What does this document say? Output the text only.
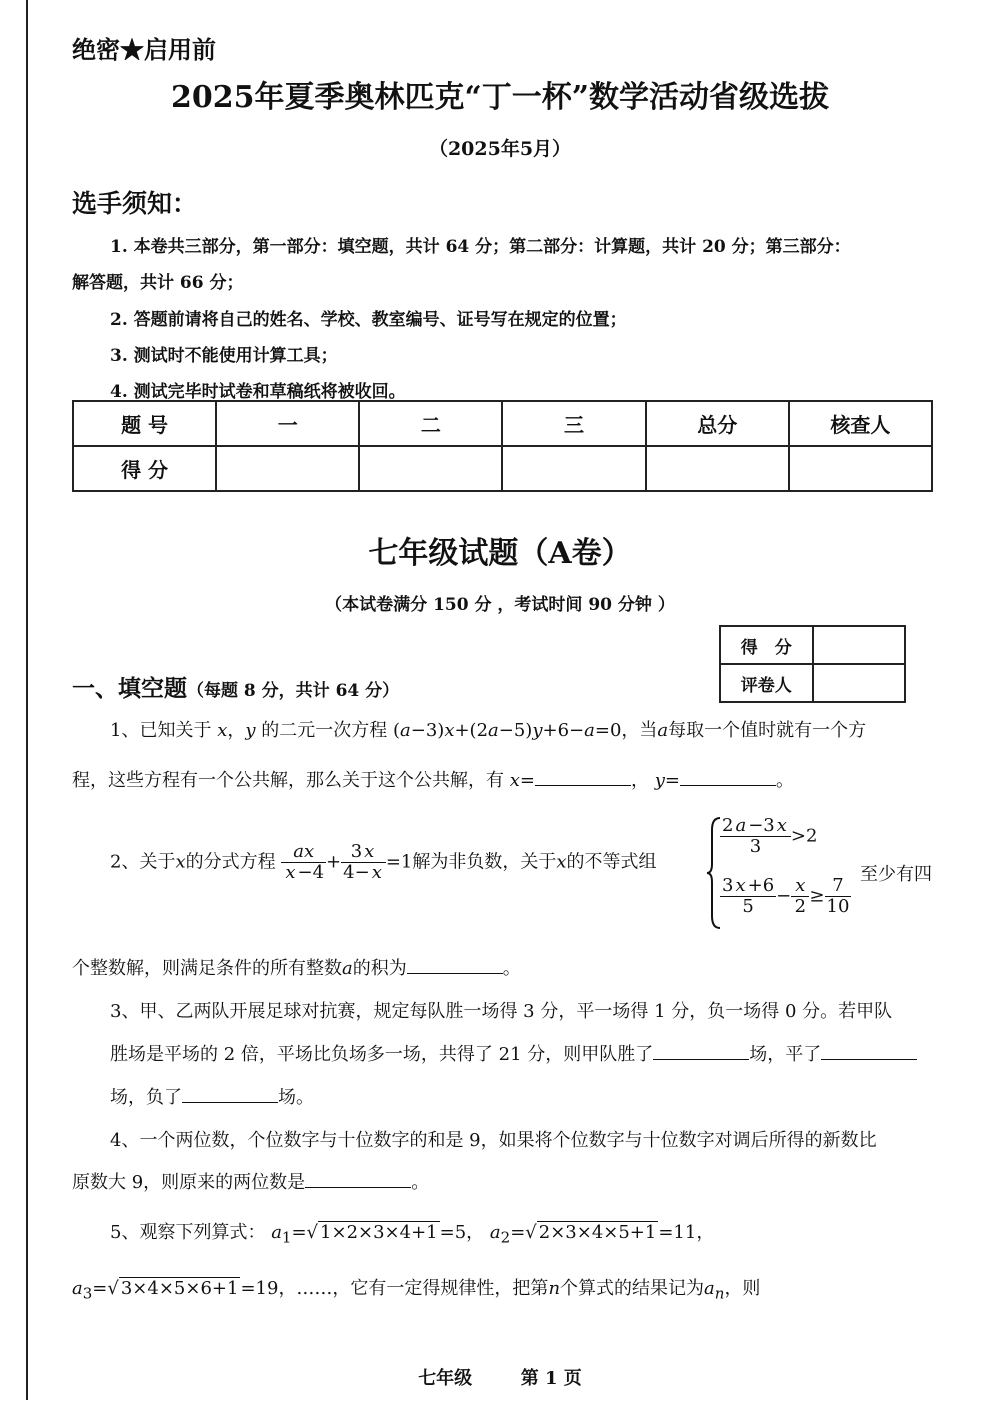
绝密★启用前
2025年夏季奥林匹克“丁一杯”数学活动省级选拔
（2025年5月）
选手须知：
1. 本卷共三部分，第一部分：填空题，共计 64 分；第二部分：计算题，共计 20 分；第三部分：
解答题，共计 66 分；
2. 答题前请将自己的姓名、学校、教室编号、证号写在规定的位置；
3. 测试时不能使用计算工具；
4. 测试完毕时试卷和草稿纸将被收回。
题 号	一	二	三	总分	核查人
得 分					
七年级试题（A卷）
（本试卷满分 150 分 ，考试时间 90 分钟 ）
得　分	
评卷人	
一、填空题（每题 8 分，共计 64 分）
1、已知关于 x，y 的二元一次方程 (a−3)x+(2a−5)y+6−a=0，当a每取一个值时就有一个方
程，这些方程有一个公共解，那么关于这个公共解，有 x=	， y=	。
2、关于x的分式方程 $\frac{ax}{x -4} + \frac{3 x}{4- x} =1$解为非负数，关于x的不等式组
$\frac{2 a -3 x}{3} >2$
$\frac{3 x +6}{5} - \frac{x}{2} \ge \frac{7}{10}$
至少有四
个整数解，则满足条件的所有整数a的积为	。
3、甲、乙两队开展足球对抗赛，规定每队胜一场得 3 分，平一场得 1 分，负一场得 0 分。若甲队
胜场是平场的 2 倍，平场比负场多一场，共得了 21 分，则甲队胜了	场，平了
场，负了	场。
4、一个两位数，个位数字与十位数字的和是 9，如果将个位数字与十位数字对调后所得的新数比
原数大 9，则原来的两位数是	。
5、观察下列算式： $a_1=√$ 1×2×3×4+1 =5， $a_2=√$ 2×3×4×5+1 =11，
$a_3=√$ 3×4×5×6+1 =19，……，它有一定得规律性，把第n个算式的结果记为$a_n$，则
七年级	第 1 页
